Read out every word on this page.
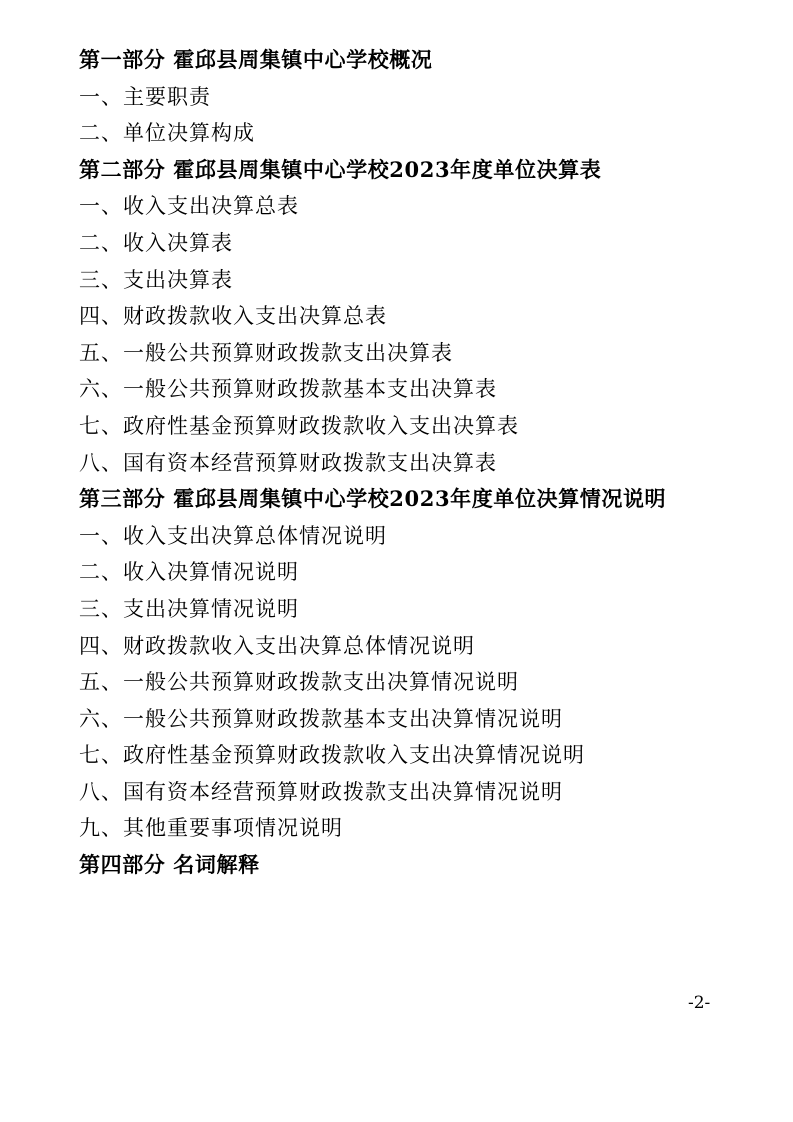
第一部分 霍邱县周集镇中心学校概况
一、主要职责
二、单位决算构成
第二部分 霍邱县周集镇中心学校2023年度单位决算表
一、收入支出决算总表
二、收入决算表
三、支出决算表
四、财政拨款收入支出决算总表
五、一般公共预算财政拨款支出决算表
六、一般公共预算财政拨款基本支出决算表
七、政府性基金预算财政拨款收入支出决算表
八、国有资本经营预算财政拨款支出决算表
第三部分 霍邱县周集镇中心学校2023年度单位决算情况说明
一、收入支出决算总体情况说明
二、收入决算情况说明
三、支出决算情况说明
四、财政拨款收入支出决算总体情况说明
五、一般公共预算财政拨款支出决算情况说明
六、一般公共预算财政拨款基本支出决算情况说明
七、政府性基金预算财政拨款收入支出决算情况说明
八、国有资本经营预算财政拨款支出决算情况说明
九、其他重要事项情况说明
第四部分 名词解释
-2-
